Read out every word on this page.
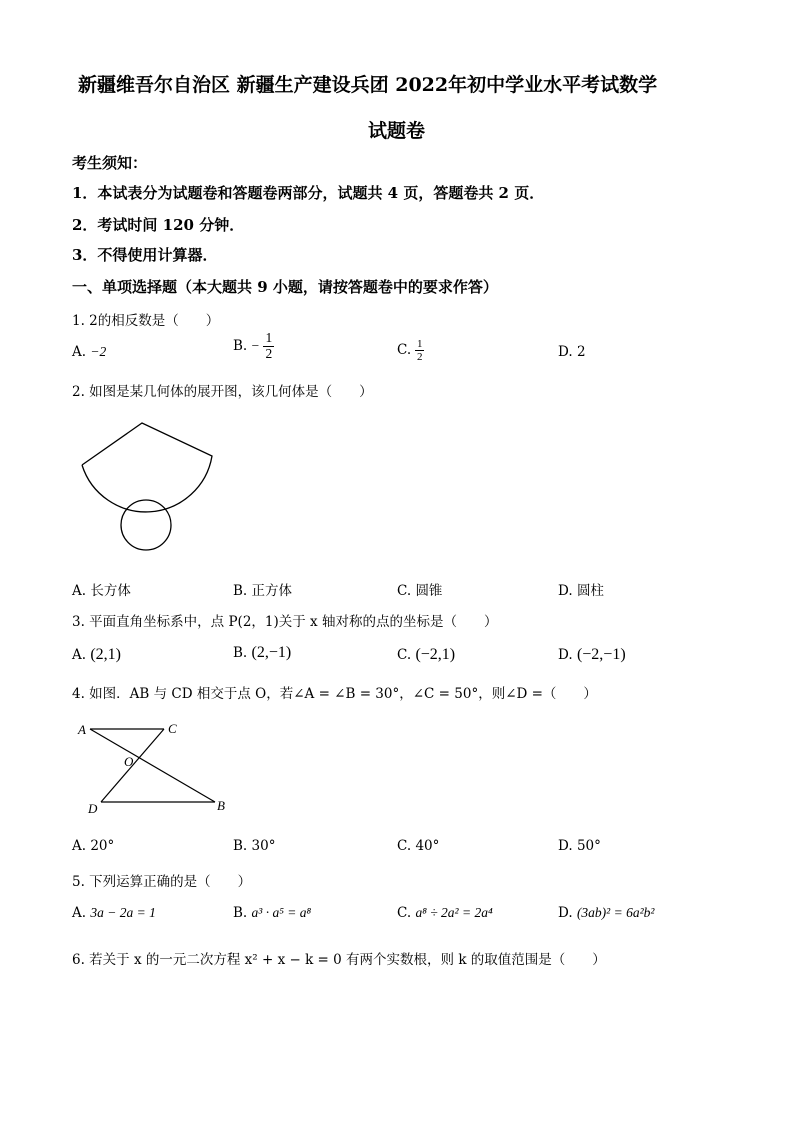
新疆维吾尔自治区 新疆生产建设兵团 2022年初中学业水平考试数学
试题卷
考生须知：
1．本试表分为试题卷和答题卷两部分，试题共 4 页，答题卷共 2 页．
2．考试时间 120 分钟．
3．不得使用计算器．
一、单项选择题（本大题共 9 小题，请按答题卷中的要求作答）
1. 2的相反数是（　　）
A. −2	B. − $\frac{1}{2}$	C. $\frac{1}{2}$	D. 2
2. 如图是某几何体的展开图，该几何体是（　　）
A. 长方体	B. 正方体	C. 圆锥	D. 圆柱
3. 平面直角坐标系中，点 P(2，1)关于 x 轴对称的点的坐标是（　　）
A. (2,1)	B. (2,−1)	C. (−2,1)	D. (−2,−1)
4. 如图．AB 与 CD 相交于点 O，若∠A = ∠B = 30°，∠C = 50°，则∠D =（　　）
A	C
O
D	B
A. 20°	B. 30°	C. 40°	D. 50°
5. 下列运算正确的是（　　）
A. 3a − 2a = 1	B. a³ · a⁵ = a⁸	C. a⁸ ÷ 2a² = 2a⁴	D. (3ab)² = 6a²b²
6. 若关于 x 的一元二次方程 x² + x − k = 0 有两个实数根，则 k 的取值范围是（　　）
